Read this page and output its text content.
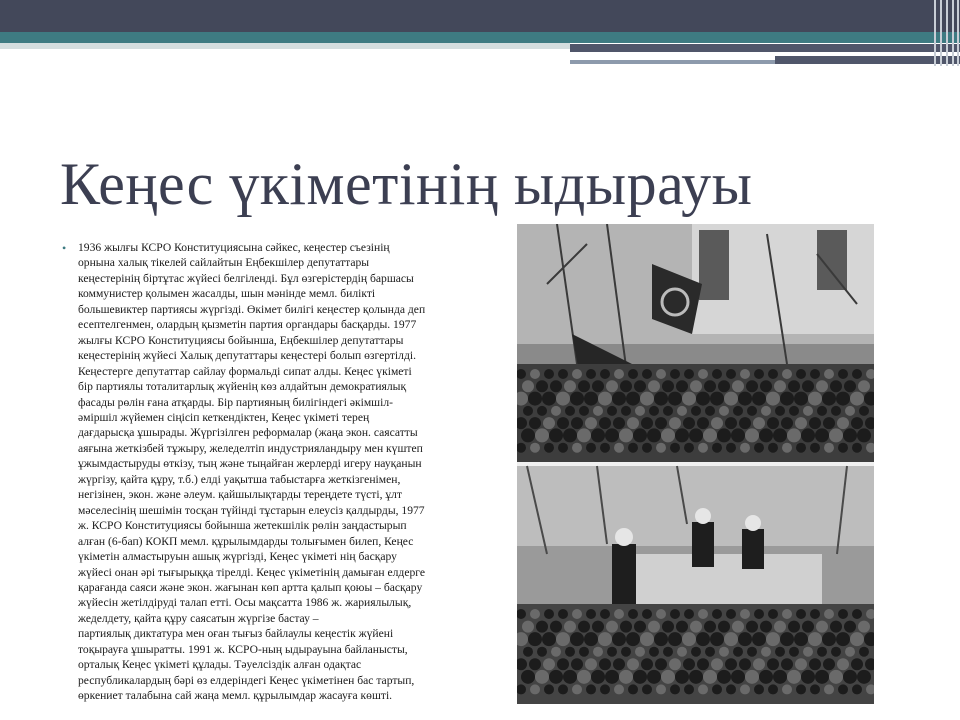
Кеңес үкіметінің ыдырауы
• 1936 жылғы КСРО Конституциясына сәйкес, кеңестер съезінің
орнына халық тікелей сайлайтын Еңбекшілер депутаттары
кеңестерінің біртұтас жүйесі белгіленді. Бұл өзгерістердің баршасы
коммунистер қолымен жасалды, шын мәнінде мемл. билікті
большевиктер партиясы жүргізді. Өкімет билігі кеңестер қолында деп
есептелгенмен, олардың қызметін партия органдары басқарды. 1977
жылғы КСРО Конституциясы бойынша, Еңбекшілер депутаттары
кеңестерінің жүйесі Халық депутаттары кеңестері болып өзгертілді.
Кеңестерге депутаттар сайлау формальді сипат алды. Кеңес үкіметі
бір партиялы тоталитарлық жүйенің көз алдайтын демократиялық
фасады рөлін ғана атқарды. Бір партияның билігіндегі әкімшіл-
әміршіл жүйемен сіңісіп кеткендіктен, Кеңес үкіметі терең
дағдарысқа ұшырады. Жүргізілген реформалар (жаңа экон. саясатты
аяғына жеткізбей тұжыру, желеделтіп индустрияландыру мен күштеп
ұжымдастыруды өткізу, тың және тыңайған жерлерді игеру науқанын
жүргізу, қайта құру, т.б.) елді уақытша табыстарға жеткізгенімен,
негізінен, экон. және әлеум. қайшылықтарды тереңдете түсті, ұлт
мәселесінің шешімін тосқан түйінді тұстарын елеусіз қалдырды, 1977
ж. КСРО Конституциясы бойынша жетекшілік рөлін заңдастырып
алған (6-бап) КОКП мемл. құрылымдарды толығымен билеп, Кеңес
үкіметін алмастыруын ашық жүргізді, Кеңес үкіметі нің басқару
жүйесі онан әрі тығырыққа тірелді. Кеңес үкіметінің дамыған елдерге
қарағанда саяси және экон. жағынан көп артта қалып қоюы – басқару
жүйесін жетілдіруді талап етті. Осы мақсатта 1986 ж. жариялылық,
жеделдету, қайта құру саясатын жүргізе бастау –
партиялық диктатура мен оған тығыз байлаулы кеңестік жүйені
тоқырауға ұшыратты. 1991 ж. КСРО-ның ыдырауына байланысты,
орталық Кеңес үкіметі құлады. Тәуелсіздік алған одақтас
республикалардың бәрі өз елдеріндегі Кеңес үкіметінен бас тартып,
өркениет талабына сай жаңа мемл. құрылымдар жасауға көшті.
